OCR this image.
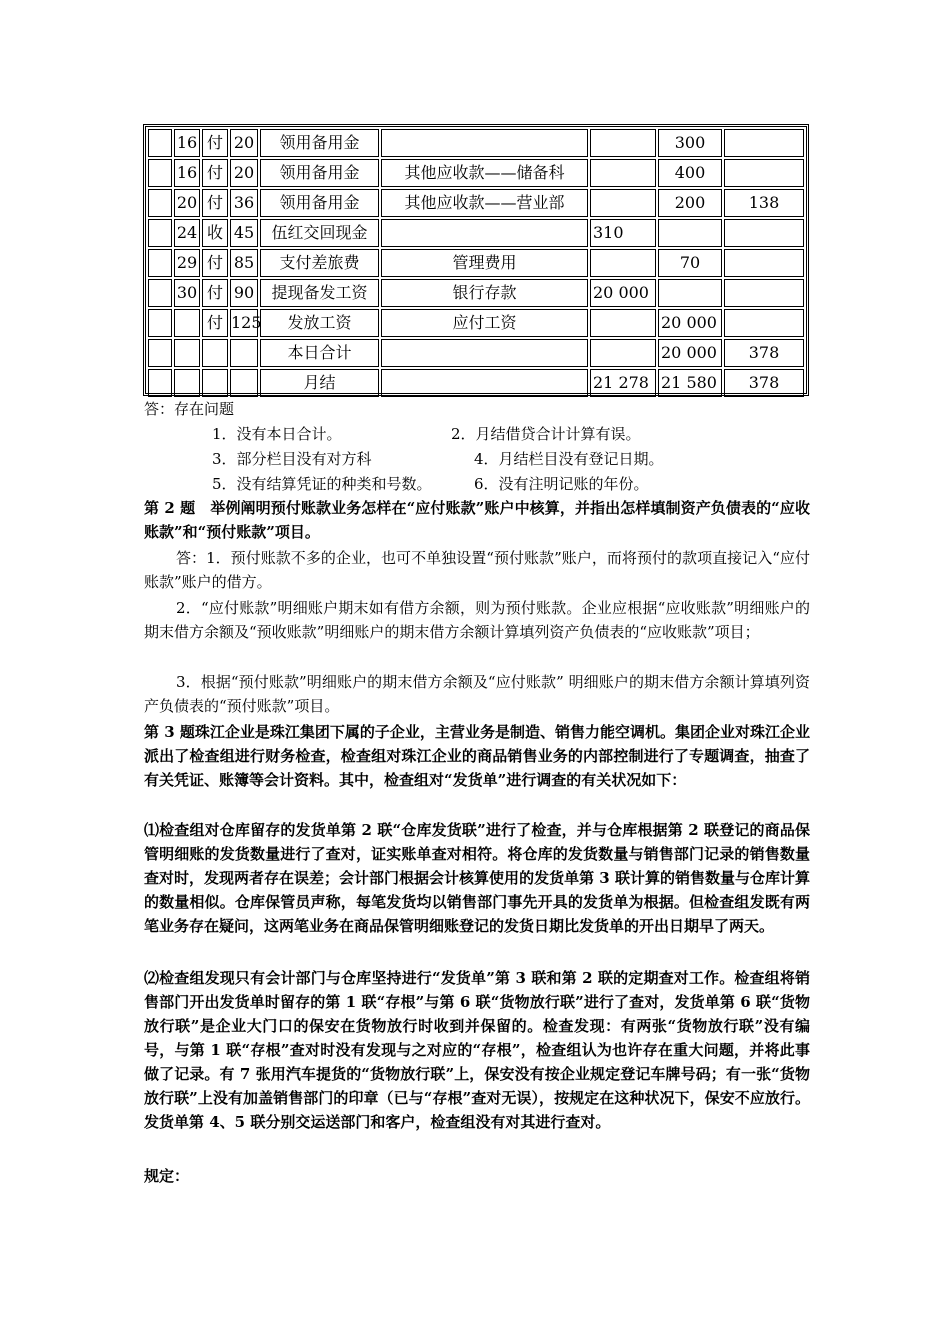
	16	付	20	领用备用金			300	
	16	付	20	领用备用金	其他应收款——储备科		400	
	20	付	36	领用备用金	其他应收款——营业部		200	138
	24	收	45	伍红交回现金		310		
	29	付	85	支付差旅费	管理费用		70	
	30	付	90	提现备发工资	银行存款	20 000		
		付	125	发放工资	应付工资		20 000	
				本日合计			20 000	378
				月结		21 278	21 580	378
答：存在问题
1．没有本日合计。	2．月结借贷合计计算有误。
3．部分栏目没有对方科	4．月结栏目没有登记日期。
5．没有结算凭证的种类和号数。	6．没有注明记账的年份。
第 2 题　举例阐明预付账款业务怎样在“应付账款”账户中核算，并指出怎样填制资产负债表的“应收账款”和“预付账款”项目。
答：1．预付账款不多的企业，也可不单独设置“预付账款”账户，而将预付的款项直接记入“应付账款”账户的借方。
2．“应付账款”明细账户期末如有借方余额，则为预付账款。企业应根据“应收账款”明细账户的期末借方余额及“预收账款”明细账户的期末借方余额计算填列资产负债表的“应收账款”项目；
3．根据“预付账款”明细账户的期末借方余额及“应付账款” 明细账户的期末借方余额计算填列资产负债表的“预付账款”项目。
第 3 题珠江企业是珠江集团下属的子企业，主营业务是制造、销售力能空调机。集团企业对珠江企业派出了检查组进行财务检查，检查组对珠江企业的商品销售业务的内部控制进行了专题调查，抽查了有关凭证、账簿等会计资料。其中，检查组对“发货单”进行调查的有关状况如下：
⑴检查组对仓库留存的发货单第 2 联“仓库发货联”进行了检查，并与仓库根据第 2 联登记的商品保管明细账的发货数量进行了查对，证实账单查对相符。将仓库的发货数量与销售部门记录的销售数量查对时，发现两者存在误差；会计部门根据会计核算使用的发货单第 3 联计算的销售数量与仓库计算的数量相似。仓库保管员声称，每笔发货均以销售部门事先开具的发货单为根据。但检查组发既有两笔业务存在疑问，这两笔业务在商品保管明细账登记的发货日期比发货单的开出日期早了两天。
⑵检查组发现只有会计部门与仓库坚持进行“发货单”第 3 联和第 2 联的定期查对工作。检查组将销售部门开出发货单时留存的第 1 联“存根”与第 6 联“货物放行联”进行了查对，发货单第 6 联“货物放行联”是企业大门口的保安在货物放行时收到并保留的。检查发现：有两张“货物放行联”没有编号，与第 1 联“存根”查对时没有发现与之对应的“存根”，检查组认为也许存在重大问题，并将此事做了记录。有 7 张用汽车提货的“货物放行联”上，保安没有按企业规定登记车牌号码；有一张“货物放行联”上没有加盖销售部门的印章（已与“存根”查对无误），按规定在这种状况下，保安不应放行。发货单第 4、5 联分别交运送部门和客户，检查组没有对其进行查对。
规定：
